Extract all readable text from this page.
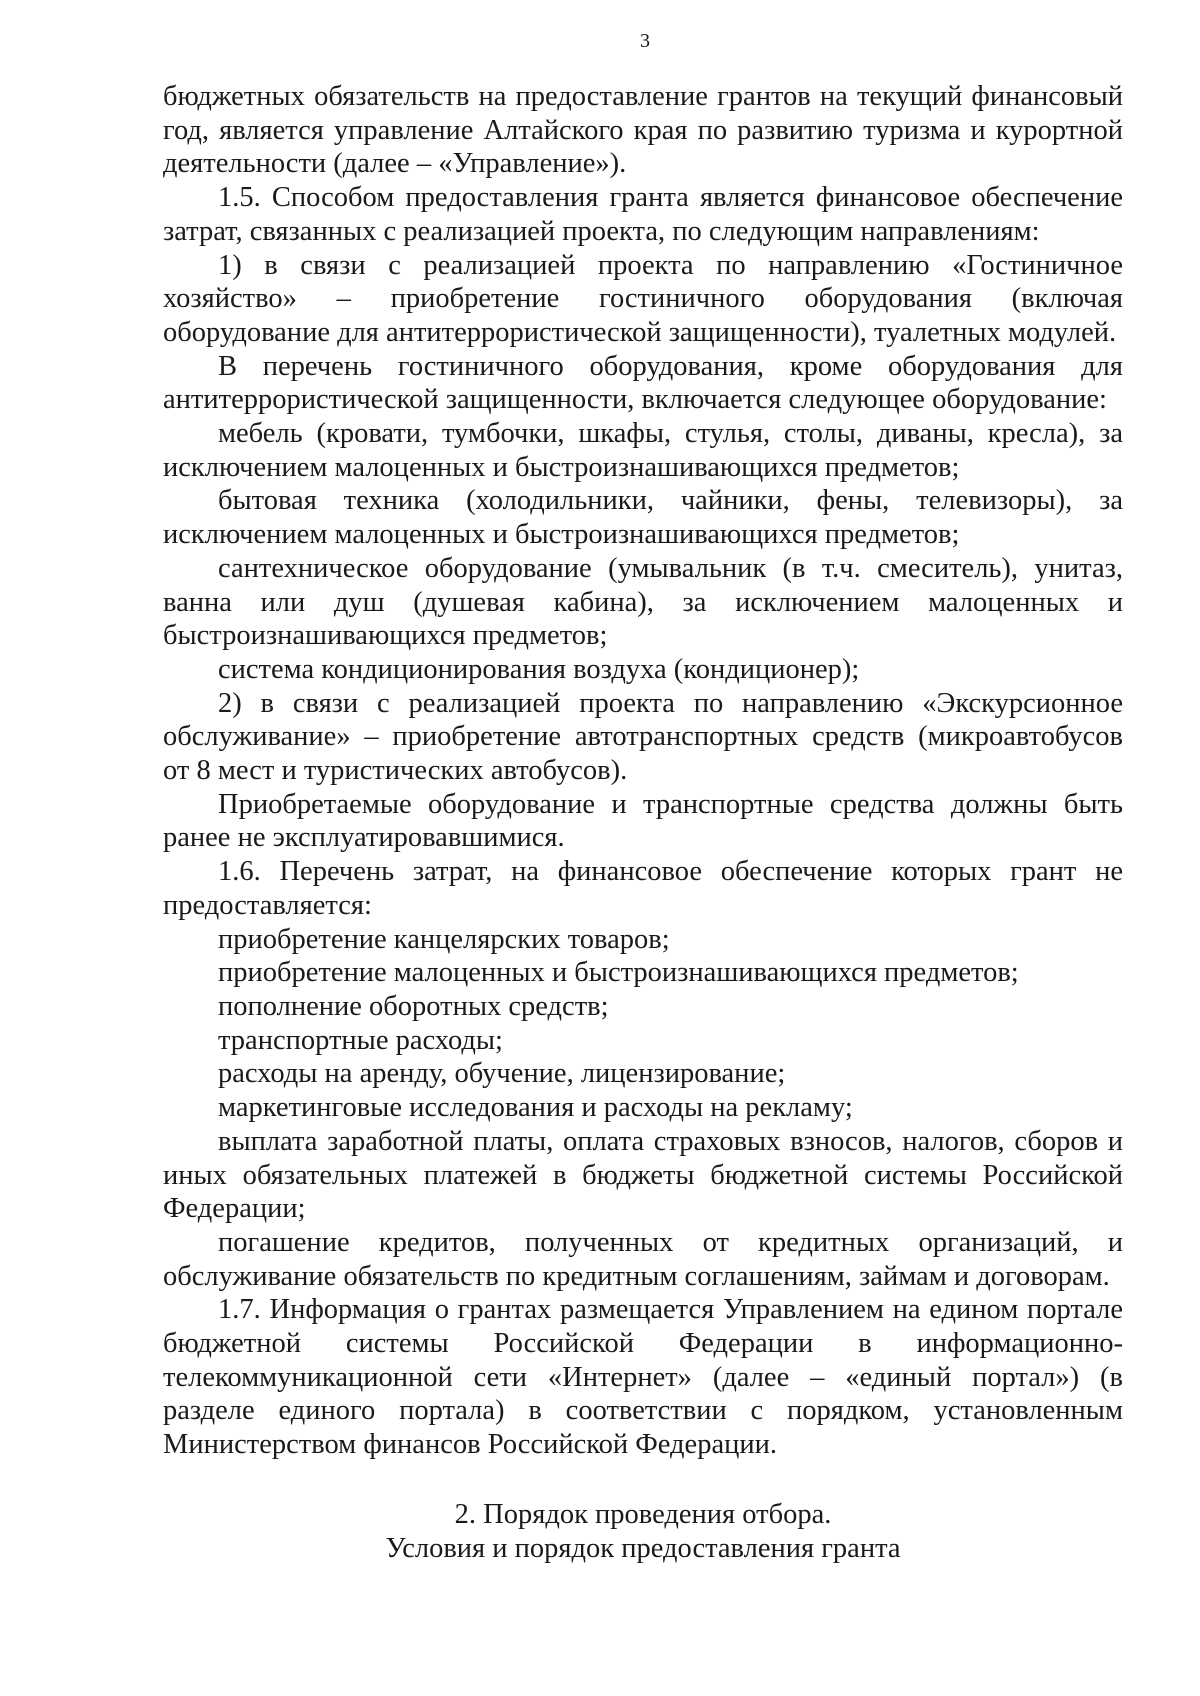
3

бюджетных обязательств на предоставление грантов на текущий финансовый год, является управление Алтайского края по развитию туризма и курортной деятельности (далее – «Управление»).

1.5. Способом предоставления гранта является финансовое обеспечение затрат, связанных с реализацией проекта, по следующим направлениям:

1) в связи с реализацией проекта по направлению «Гостиничное хозяйство» – приобретение гостиничного оборудования (включая оборудование для антитеррористической защищенности), туалетных модулей.

В перечень гостиничного оборудования, кроме оборудования для антитеррористической защищенности, включается следующее оборудование:

мебель (кровати, тумбочки, шкафы, стулья, столы, диваны, кресла), за исключением малоценных и быстроизнашивающихся предметов;

бытовая техника (холодильники, чайники, фены, телевизоры), за исключением малоценных и быстроизнашивающихся предметов;

сантехническое оборудование (умывальник (в т.ч. смеситель), унитаз, ванна или душ (душевая кабина), за исключением малоценных и быстроизнашивающихся предметов;

система кондиционирования воздуха (кондиционер);

2) в связи с реализацией проекта по направлению «Экскурсионное обслуживание» – приобретение автотранспортных средств (микроавтобусов от 8 мест и туристических автобусов).

Приобретаемые оборудование и транспортные средства должны быть ранее не эксплуатировавшимися.

1.6. Перечень затрат, на финансовое обеспечение которых грант не предоставляется:

приобретение канцелярских товаров;

приобретение малоценных и быстроизнашивающихся предметов;

пополнение оборотных средств;

транспортные расходы;

расходы на аренду, обучение, лицензирование;

маркетинговые исследования и расходы на рекламу;

выплата заработной платы, оплата страховых взносов, налогов, сборов и иных обязательных платежей в бюджеты бюджетной системы Российской Федерации;

погашение кредитов, полученных от кредитных организаций, и обслуживание обязательств по кредитным соглашениям, займам и договорам.

1.7. Информация о грантах размещается Управлением на едином портале бюджетной системы Российской Федерации в информационно-телекоммуникационной сети «Интернет» (далее – «единый портал») (в разделе единого портала) в соответствии с порядком, установленным Министерством финансов Российской Федерации.

2. Порядок проведения отбора.
Условия и порядок предоставления гранта
